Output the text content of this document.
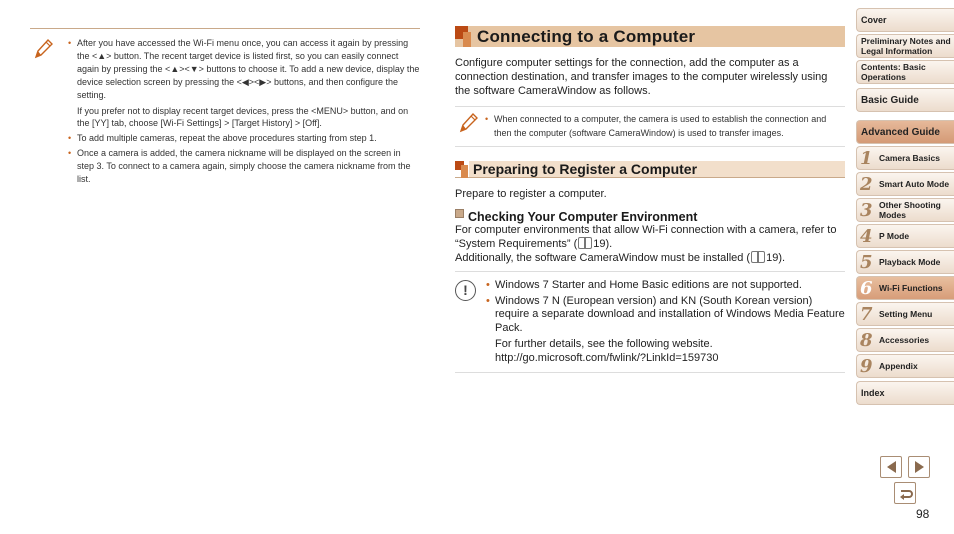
• After you have accessed the Wi-Fi menu once, you can access it again by pressing the <▲> button. The recent target device is listed first, so you can easily connect again by pressing the <▲><▼> buttons to choose it. To add a new device, display the device selection screen by pressing the <◀><▶> buttons, and then configure the setting.
If you prefer not to display recent target devices, press the <MENU> button, and on the [YY] tab, choose [Wi-Fi Settings] > [Target History] > [Off].
• To add multiple cameras, repeat the above procedures starting from step 1.
• Once a camera is added, the camera nickname will be displayed on the screen in step 3. To connect to a camera again, simply choose the camera nickname from the list.
Connecting to a Computer

Configure computer settings for the connection, add the computer as a connection destination, and transfer images to the computer wirelessly using the software CameraWindow as follows.

• When connected to a computer, the camera is used to establish the connection and then the computer (software CameraWindow) is used to transfer images.
Preparing to Register a Computer

Prepare to register a computer.

Checking Your Computer Environment

For computer environments that allow Wi-Fi connection with a camera, refer to “System Requirements” ( 19).

Additionally, the software CameraWindow must be installed ( 19).

!
•	Windows 7 Starter and Home Basic editions are not supported.
• Windows 7 N (European version) and KN (South Korean version) require a separate download and installation of Windows Media Feature Pack.
For further details, see the following website.
http://go.microsoft.com/fwlink/?LinkId=159730
Cover
Preliminary Notes and Legal Information
Contents: Basic Operations
Basic Guide
Advanced Guide
1 Camera Basics
2 Smart Auto Mode
3 Other Shooting Modes
4 P Mode
5 Playback Mode
6 Wi-Fi Functions
7 Setting Menu
8 Accessories
9 Appendix
Index
98
